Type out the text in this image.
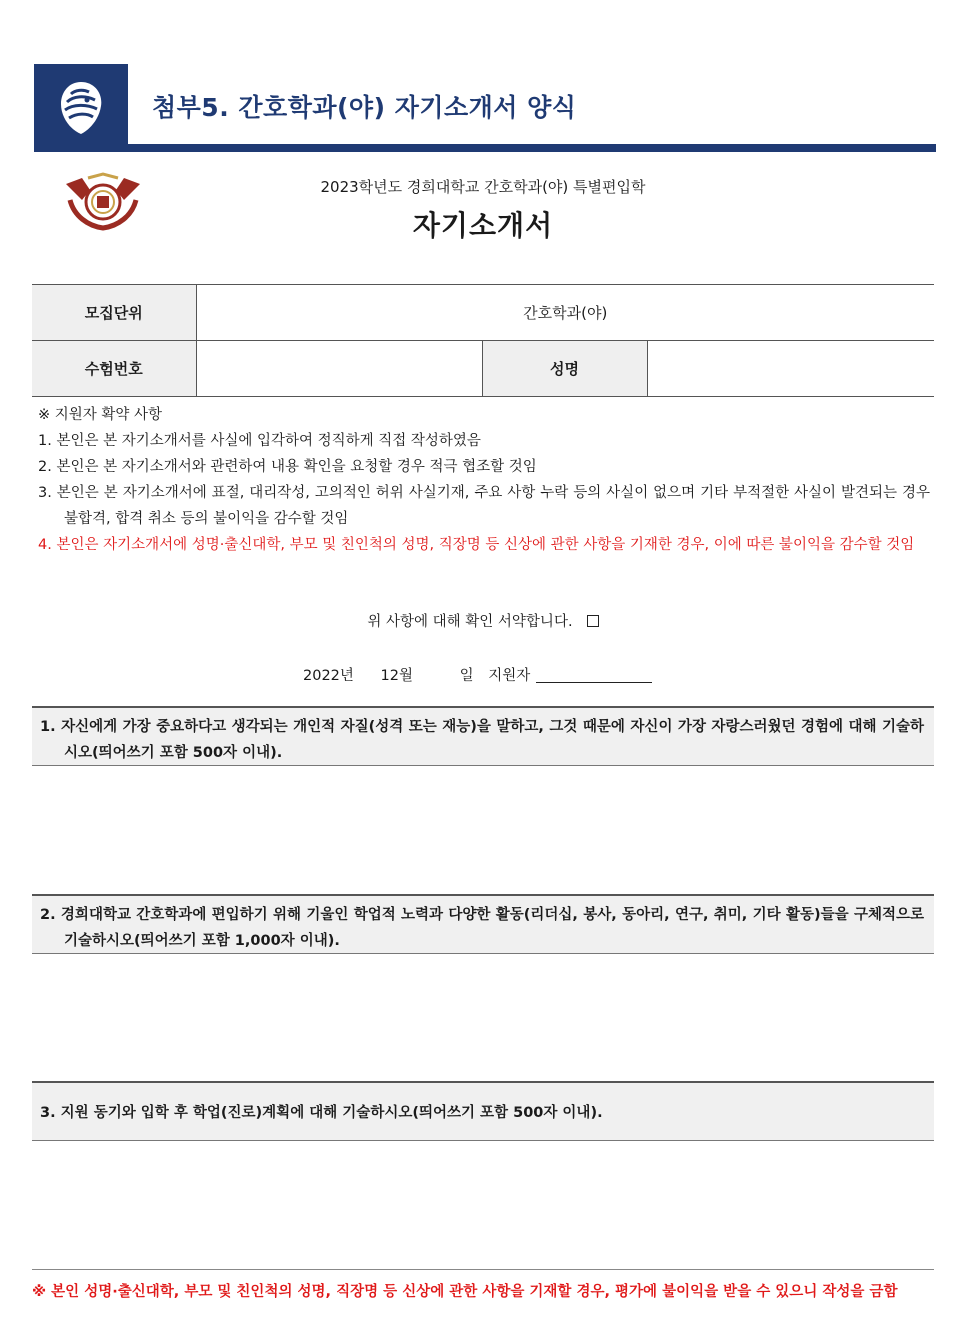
첨부5. 간호학과(야) 자기소개서 양식
2023학년도 경희대학교 간호학과(야) 특별편입학
자기소개서
모집단위	간호학과(야)		
수험번호		성명	
※ 지원자 확약 사항
1. 본인은 본 자기소개서를 사실에 입각하여 정직하게 직접 작성하였음
2. 본인은 본 자기소개서와 관련하여 내용 확인을 요청할 경우 적극 협조할 것임
3. 본인은 본 자기소개서에 표절, 대리작성, 고의적인 허위 사실기재, 주요 사항 누락 등의 사실이 없으며 기타 부적절한 사실이 발견되는 경우 불합격, 합격 취소 등의 불이익을 감수할 것임
4. 본인은 자기소개서에 성명·출신대학, 부모 및 친인척의 성명, 직장명 등 신상에 관한 사항을 기재한 경우, 이에 따른 불이익을 감수할 것임
위 사항에 대해 확인 서약합니다.
2022년 12월	일 지원자
1. 자신에게 가장 중요하다고 생각되는 개인적 자질(성격 또는 재능)을 말하고, 그것 때문에 자신이 가장 자랑스러웠던 경험에 대해 기술하시오(띄어쓰기 포함 500자 이내).
2. 경희대학교 간호학과에 편입하기 위해 기울인 학업적 노력과 다양한 활동(리더십, 봉사, 동아리, 연구, 취미, 기타 활동)들을 구체적으로 기술하시오(띄어쓰기 포함 1,000자 이내).
3. 지원 동기와 입학 후 학업(진로)계획에 대해 기술하시오(띄어쓰기 포함 500자 이내).
※ 본인 성명·출신대학, 부모 및 친인척의 성명, 직장명 등 신상에 관한 사항을 기재할 경우, 평가에 불이익을 받을 수 있으니 작성을 금함
